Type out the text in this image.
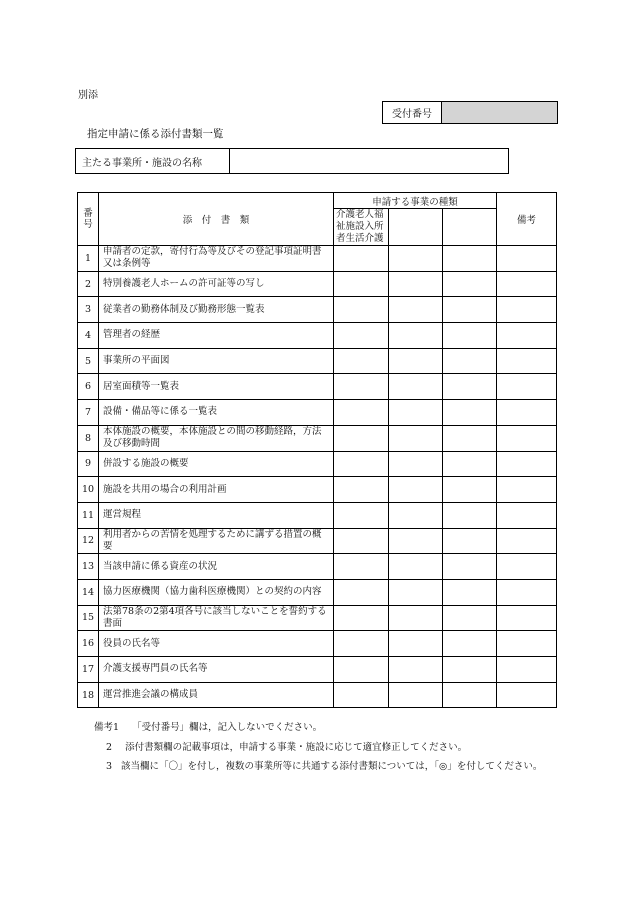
別添
受付番号
指定申請に係る添付書類一覧
主たる事業所・施設の名称
番号	添　付　書　類	申請する事業の種類			備考
		介護老人福祉施設入所者生活介護			
1	申請者の定款，寄付行為等及びその登記事項証明書又は条例等				
2	特別養護老人ホームの許可証等の写し				
3	従業者の勤務体制及び勤務形態一覧表				
4	管理者の経歴				
5	事業所の平面図				
6	居室面積等一覧表				
7	設備・備品等に係る一覧表				
8	本体施設の概要，本体施設との間の移動経路，方法及び移動時間				
9	併設する施設の概要				
10	施設を共用の場合の利用計画				
11	運営規程				
12	利用者からの苦情を処理するために講ずる措置の概要				
13	当該申請に係る資産の状況				
14	協力医療機関（協力歯科医療機関）との契約の内容				
15	法第78条の2第4項各号に該当しないことを誓約する書面				
16	役員の氏名等				
17	介護支援専門員の氏名等				
18	運営推進会議の構成員				
備考1 「受付番号」欄は，記入しないでください。
2 添付書類欄の記載事項は，申請する事業・施設に応じて適宜修正してください。
3 該当欄に「〇」を付し，複数の事業所等に共通する添付書類については，「◎」を付してください。
